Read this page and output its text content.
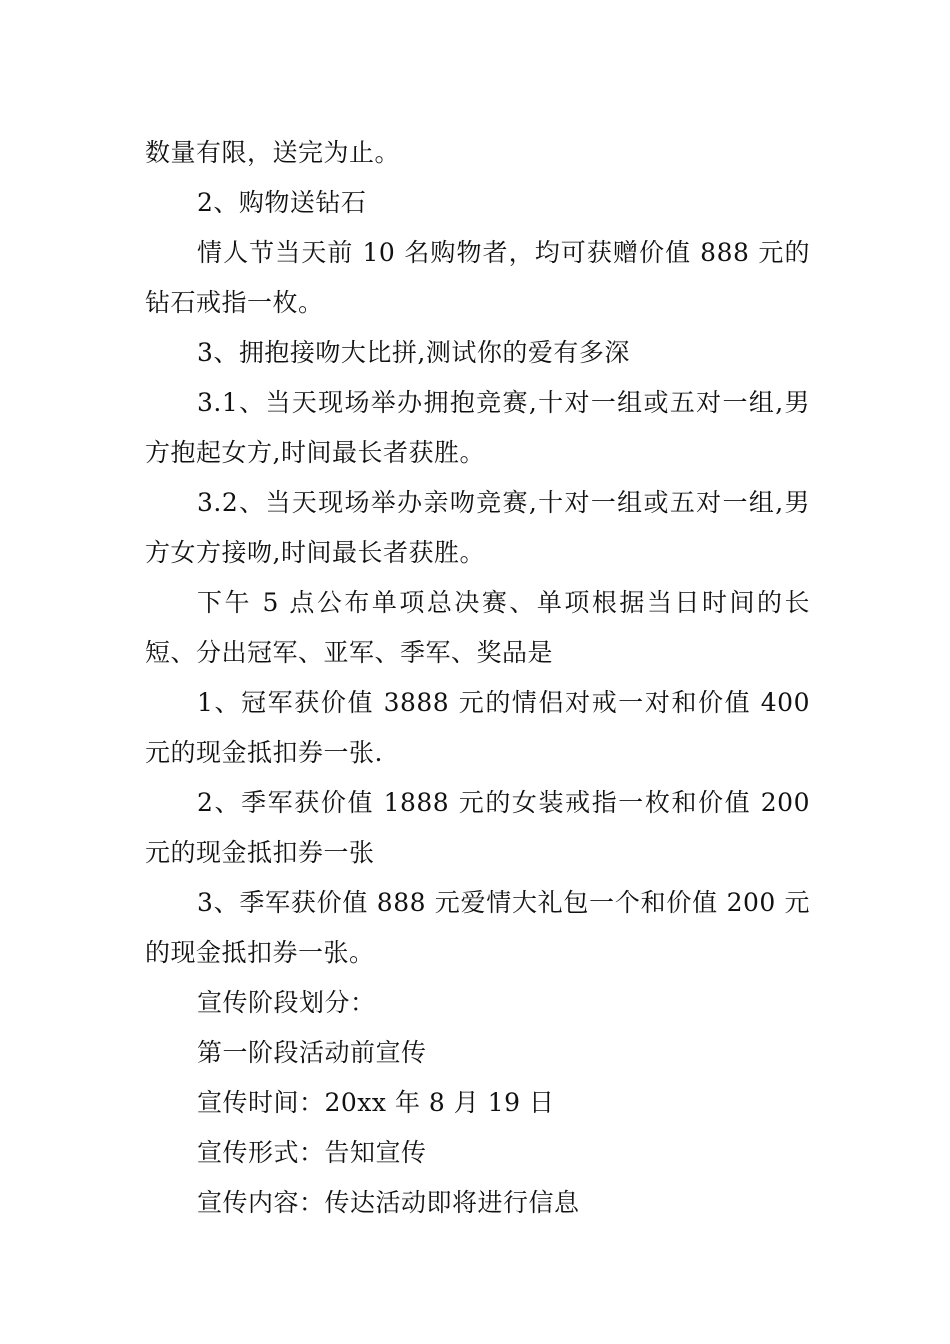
数量有限，送完为止。

2、购物送钻石

情人节当天前 10 名购物者，均可获赠价值 888 元的钻石戒指一枚。

3、拥抱接吻大比拼,测试你的爱有多深

3.1、当天现场举办拥抱竞赛,十对一组或五对一组,男方抱起女方,时间最长者获胜。

3.2、当天现场举办亲吻竞赛,十对一组或五对一组,男方女方接吻,时间最长者获胜。

下午 5 点公布单项总决赛、单项根据当日时间的长短、分出冠军、亚军、季军、奖品是

1、冠军获价值 3888 元的情侣对戒一对和价值 400 元的现金抵扣券一张.

2、季军获价值 1888 元的女装戒指一枚和价值 200 元的现金抵扣券一张

3、季军获价值 888 元爱情大礼包一个和价值 200 元的现金抵扣券一张。

宣传阶段划分：

第一阶段活动前宣传

宣传时间：20xx 年 8 月 19 日

宣传形式：告知宣传

宣传内容：传达活动即将进行信息
